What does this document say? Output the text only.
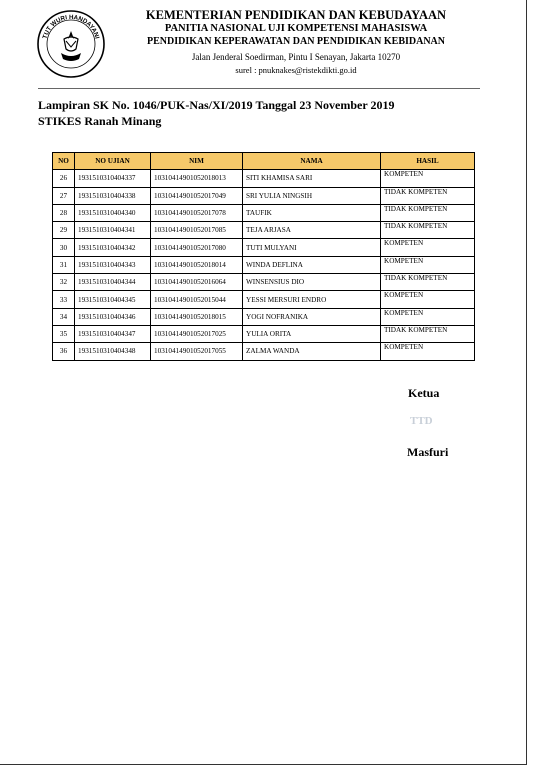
TUT WURI HANDAYANI
KEMENTERIAN PENDIDIKAN DAN KEBUDAYAAN
PANITIA NASIONAL UJI KOMPETENSI MAHASISWA
PENDIDIKAN KEPERAWATAN DAN PENDIDIKAN KEBIDANAN
Jalan Jenderal Soedirman, Pintu I Senayan, Jakarta 10270
surel : pnuknakes@ristekdikti.go.id
Lampiran SK No. 1046/PUK-Nas/XI/2019 Tanggal 23 November 2019
STIKES Ranah Minang
NO	NO UJIAN	NIM	NAMA	HASIL
26	19315103104043​37	103104149010520180​13	SITI KHAMISA SARI	KOMPETEN
27	1931510310404338	10310414901052017049	SRI YULIA NINGSIH	TIDAK KOMPETEN
28	1931510310404340	10310414901052017078	TAUFIK	TIDAK KOMPETEN
29	1931510310404341	10310414901052017085	TEJA ARJASA	TIDAK KOMPETEN
30	1931510310404342	10310414901052017080	TUTI MULYANI	KOMPETEN
31	1931510310404343	10310414901052018014	WINDA DEFLINA	KOMPETEN
32	1931510310404344	10310414901052016064	WINSENSIUS DIO	TIDAK KOMPETEN
33	1931510310404345	10310414901052015044	YESSI MERSURI ENDRO	KOMPETEN
34	1931510310404346	10310414901052018015	YOGI NOFRANIKA	KOMPETEN
35	1931510310404347	10310414901052017025	YULIA ORITA	TIDAK KOMPETEN
36	1931510310404348	10310414901052017055	ZALMA WANDA	KOMPETEN
Ketua
TTD
Masfuri
